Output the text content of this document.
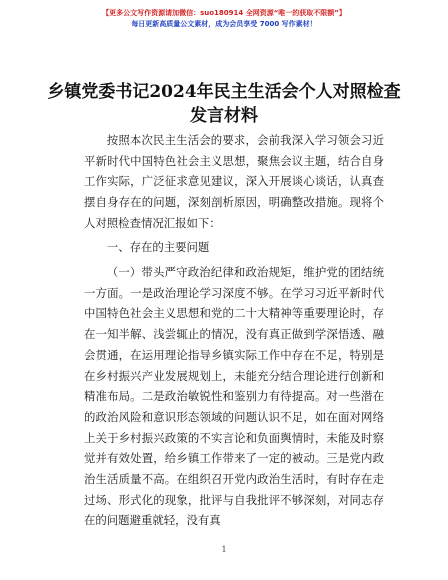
【更多公文写作资源请加微信：suo180914 全网资源“唯一的获取不限额”】
每日更新高质量公文素材，成为会员享受 7000 写作素材！
乡镇党委书记2024年民主生活会个人对照检查发言材料
按照本次民主生活会的要求，会前我深入学习领会习近平新时代中国特色社会主义思想，聚焦会议主题，结合自身工作实际，广泛征求意见建议，深入开展谈心谈话，认真查摆自身存在的问题，深刻剖析原因，明确整改措施。现将个人对照检查情况汇报如下：
一、存在的主要问题
（一）带头严守政治纪律和政治规矩，维护党的团结统一方面。一是政治理论学习深度不够。在学习习近平新时代中国特色社会主义思想和党的二十大精神等重要理论时，存在一知半解、浅尝辄止的情况，没有真正做到学深悟透、融会贯通，在运用理论指导乡镇实际工作中存在不足，特别是在乡村振兴产业发展规划上，未能充分结合理论进行创新和精准布局。二是政治敏锐性和鉴别力有待提高。对一些潜在的政治风险和意识形态领域的问题认识不足，如在面对网络上关于乡村振兴政策的不实言论和负面舆情时，未能及时察觉并有效处置，给乡镇工作带来了一定的被动。三是党内政治生活质量不高。在组织召开党内政治生活时，有时存在走过场、形式化的现象，批评与自我批评不够深刻，对同志存在的问题避重就轻，没有真
1
